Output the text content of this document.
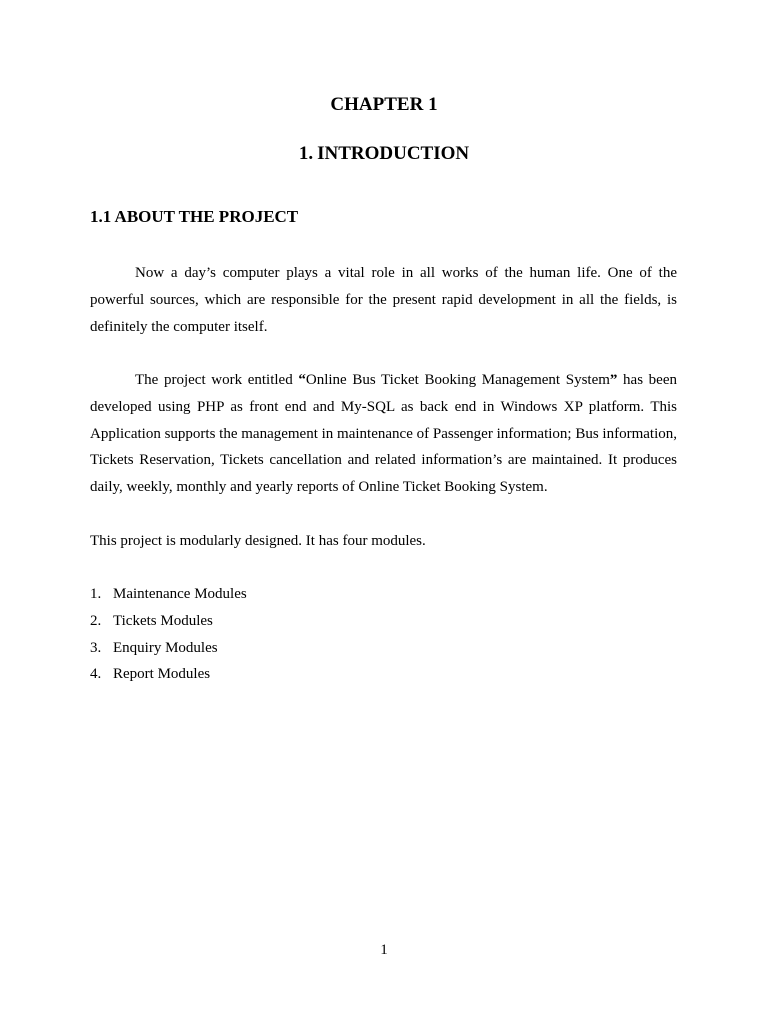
CHAPTER 1
1. INTRODUCTION
1.1 ABOUT THE PROJECT

Now a day’s computer plays a vital role in all works of the human life. One of the powerful sources, which are responsible for the present rapid development in all the fields, is definitely the computer itself.

The project work entitled “Online Bus Ticket Booking Management System” has been developed using PHP as front end and My-SQL as back end in Windows XP platform. This Application supports the management in maintenance of Passenger information; Bus information, Tickets Reservation, Tickets cancellation and related information’s are maintained. It produces daily, weekly, monthly and yearly reports of Online Ticket Booking System.

This project is modularly designed. It has four modules.

1. Maintenance Modules
2. Tickets Modules
3. Enquiry Modules
4. Report Modules
1
